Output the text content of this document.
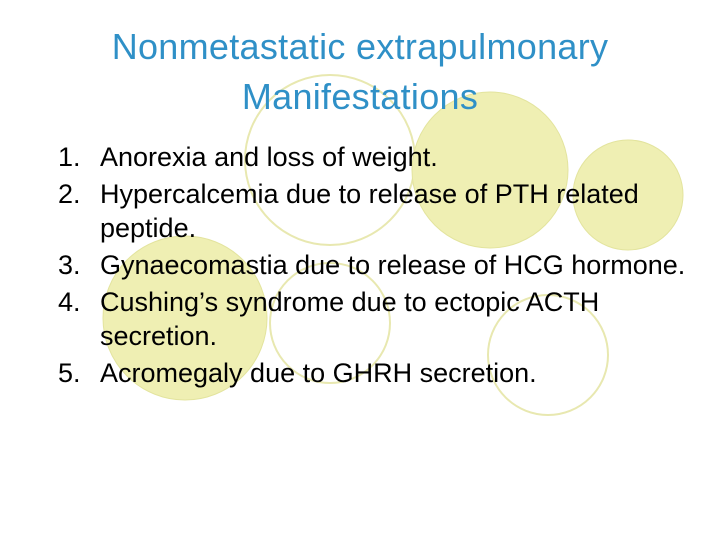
Nonmetastatic extrapulmonary
Manifestations
1. Anorexia and loss of weight.
2. Hypercalcemia due to release of PTH related peptide.
3. Gynaecomastia due to release of HCG hormone.
4. Cushing’s syndrome due to ectopic ACTH secretion.
5. Acromegaly due to GHRH secretion.
